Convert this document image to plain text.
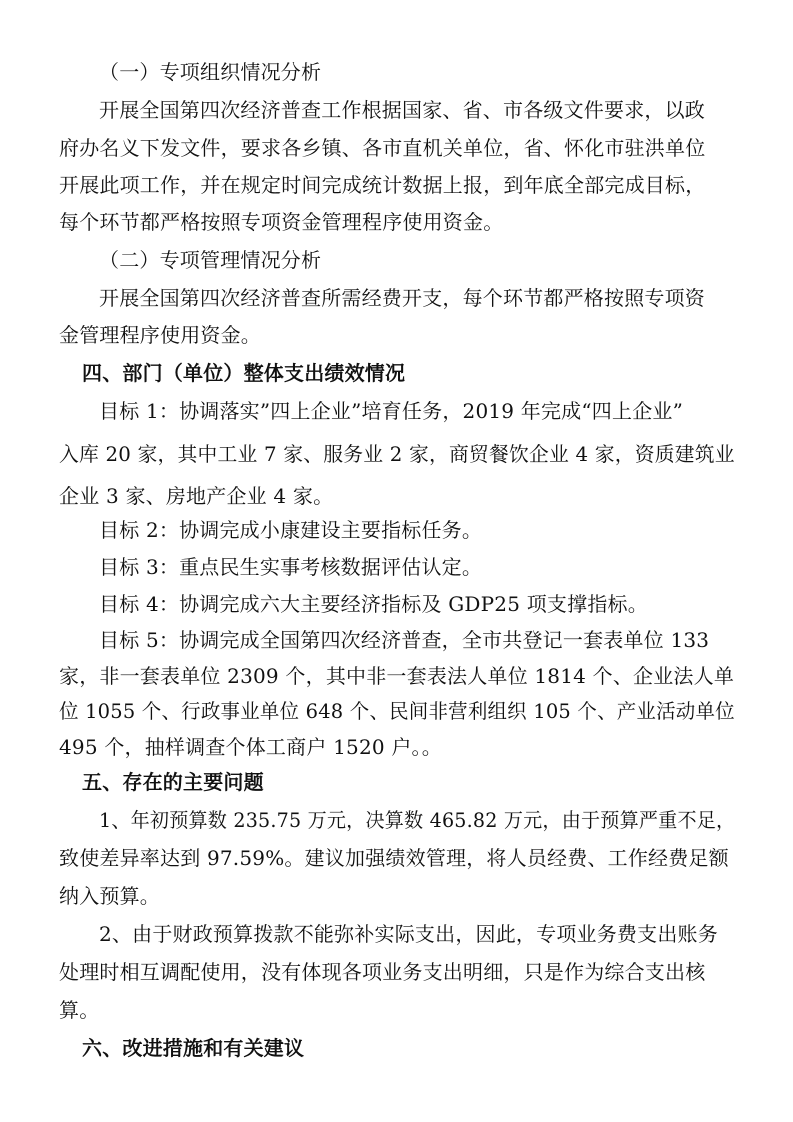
（一）专项组织情况分析

开展全国第四次经济普查工作根据国家、省、市各级文件要求，以政

府办名义下发文件，要求各乡镇、各市直机关单位，省、怀化市驻洪单位

开展此项工作，并在规定时间完成统计数据上报，到年底全部完成目标，

每个环节都严格按照专项资金管理程序使用资金。

（二）专项管理情况分析

开展全国第四次经济普查所需经费开支，每个环节都严格按照专项资

金管理程序使用资金。

四、部门（单位）整体支出绩效情况

目标 1：协调落实”四上企业”培育任务，2019 年完成“四上企业”

入库 20 家，其中工业 7 家、服务业 2 家，商贸餐饮企业 4 家，资质建筑业

企业 3 家、房地产企业 4 家。

目标 2：协调完成小康建设主要指标任务。

目标 3：重点民生实事考核数据评估认定。

目标 4：协调完成六大主要经济指标及 GDP25 项支撑指标。

目标 5：协调完成全国第四次经济普查，全市共登记一套表单位 133

家，非一套表单位 2309 个，其中非一套表法人单位 1814 个、企业法人单

位 1055 个、行政事业单位 648 个、民间非营利组织 105 个、产业活动单位

495 个，抽样调查个体工商户 1520 户。。

五、存在的主要问题

1、年初预算数 235.75 万元，决算数 465.82 万元，由于预算严重不足，

致使差异率达到 97.59%。建议加强绩效管理，将人员经费、工作经费足额

纳入预算。

2、由于财政预算拨款不能弥补实际支出，因此，专项业务费支出账务

处理时相互调配使用，没有体现各项业务支出明细，只是作为综合支出核

算。

六、改进措施和有关建议
